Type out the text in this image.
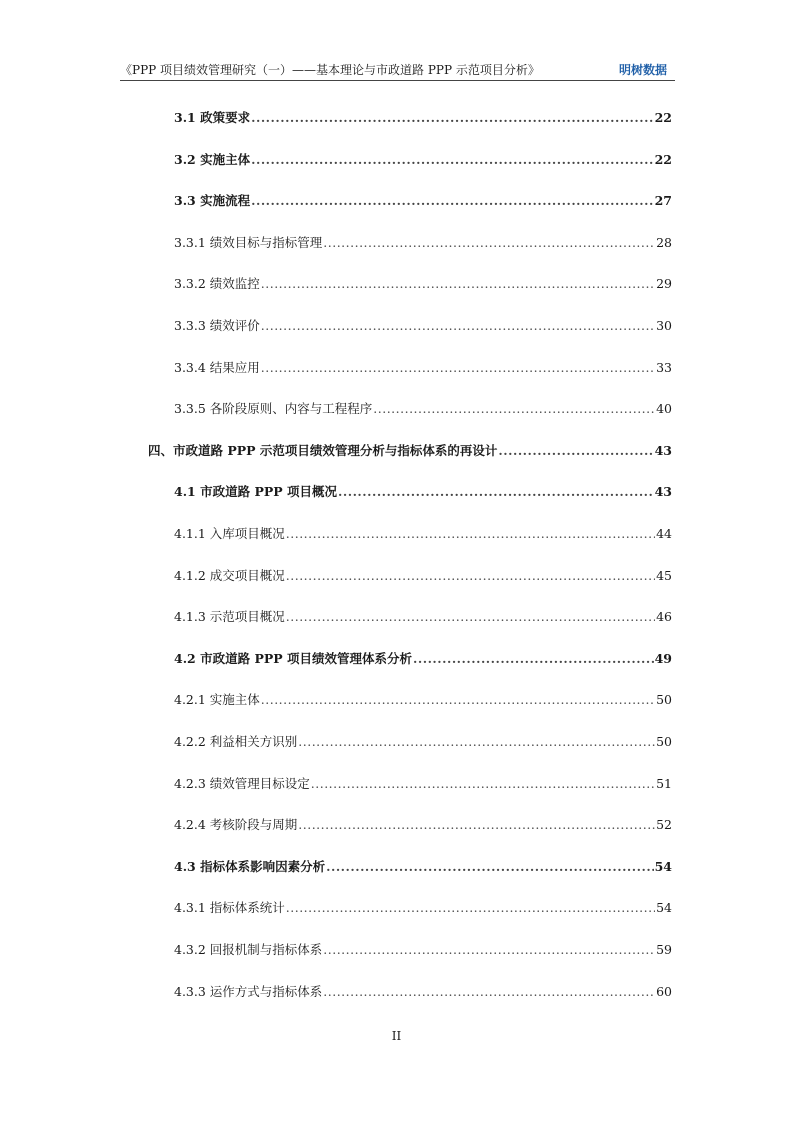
《PPP 项目绩效管理研究（一）——基本理论与市政道路 PPP 示范项目分析》	明树数据
3.1 政策要求 .....	22
3.2 实施主体 .....	22
3.3 实施流程 .....	27
3.3.1 绩效目标与指标管理 .....	28
3.3.2 绩效监控 .....	29
3.3.3 绩效评价 .....	30
3.3.4 结果应用 .....	33
3.3.5 各阶段原则、内容与工程程序 .....	40
四、市政道路 PPP 示范项目绩效管理分析与指标体系的再设计 .....	43
4.1 市政道路 PPP 项目概况 .....	43
4.1.1 入库项目概况 .....	44
4.1.2 成交项目概况 .....	45
4.1.3 示范项目概况 .....	46
4.2 市政道路 PPP 项目绩效管理体系分析 .....	49
4.2.1 实施主体 .....	50
4.2.2 利益相关方识别 .....	50
4.2.3 绩效管理目标设定 .....	51
4.2.4 考核阶段与周期 .....	52
4.3 指标体系影响因素分析 .....	54
4.3.1 指标体系统计 .....	54
4.3.2 回报机制与指标体系 .....	59
4.3.3 运作方式与指标体系 .....	60
II
